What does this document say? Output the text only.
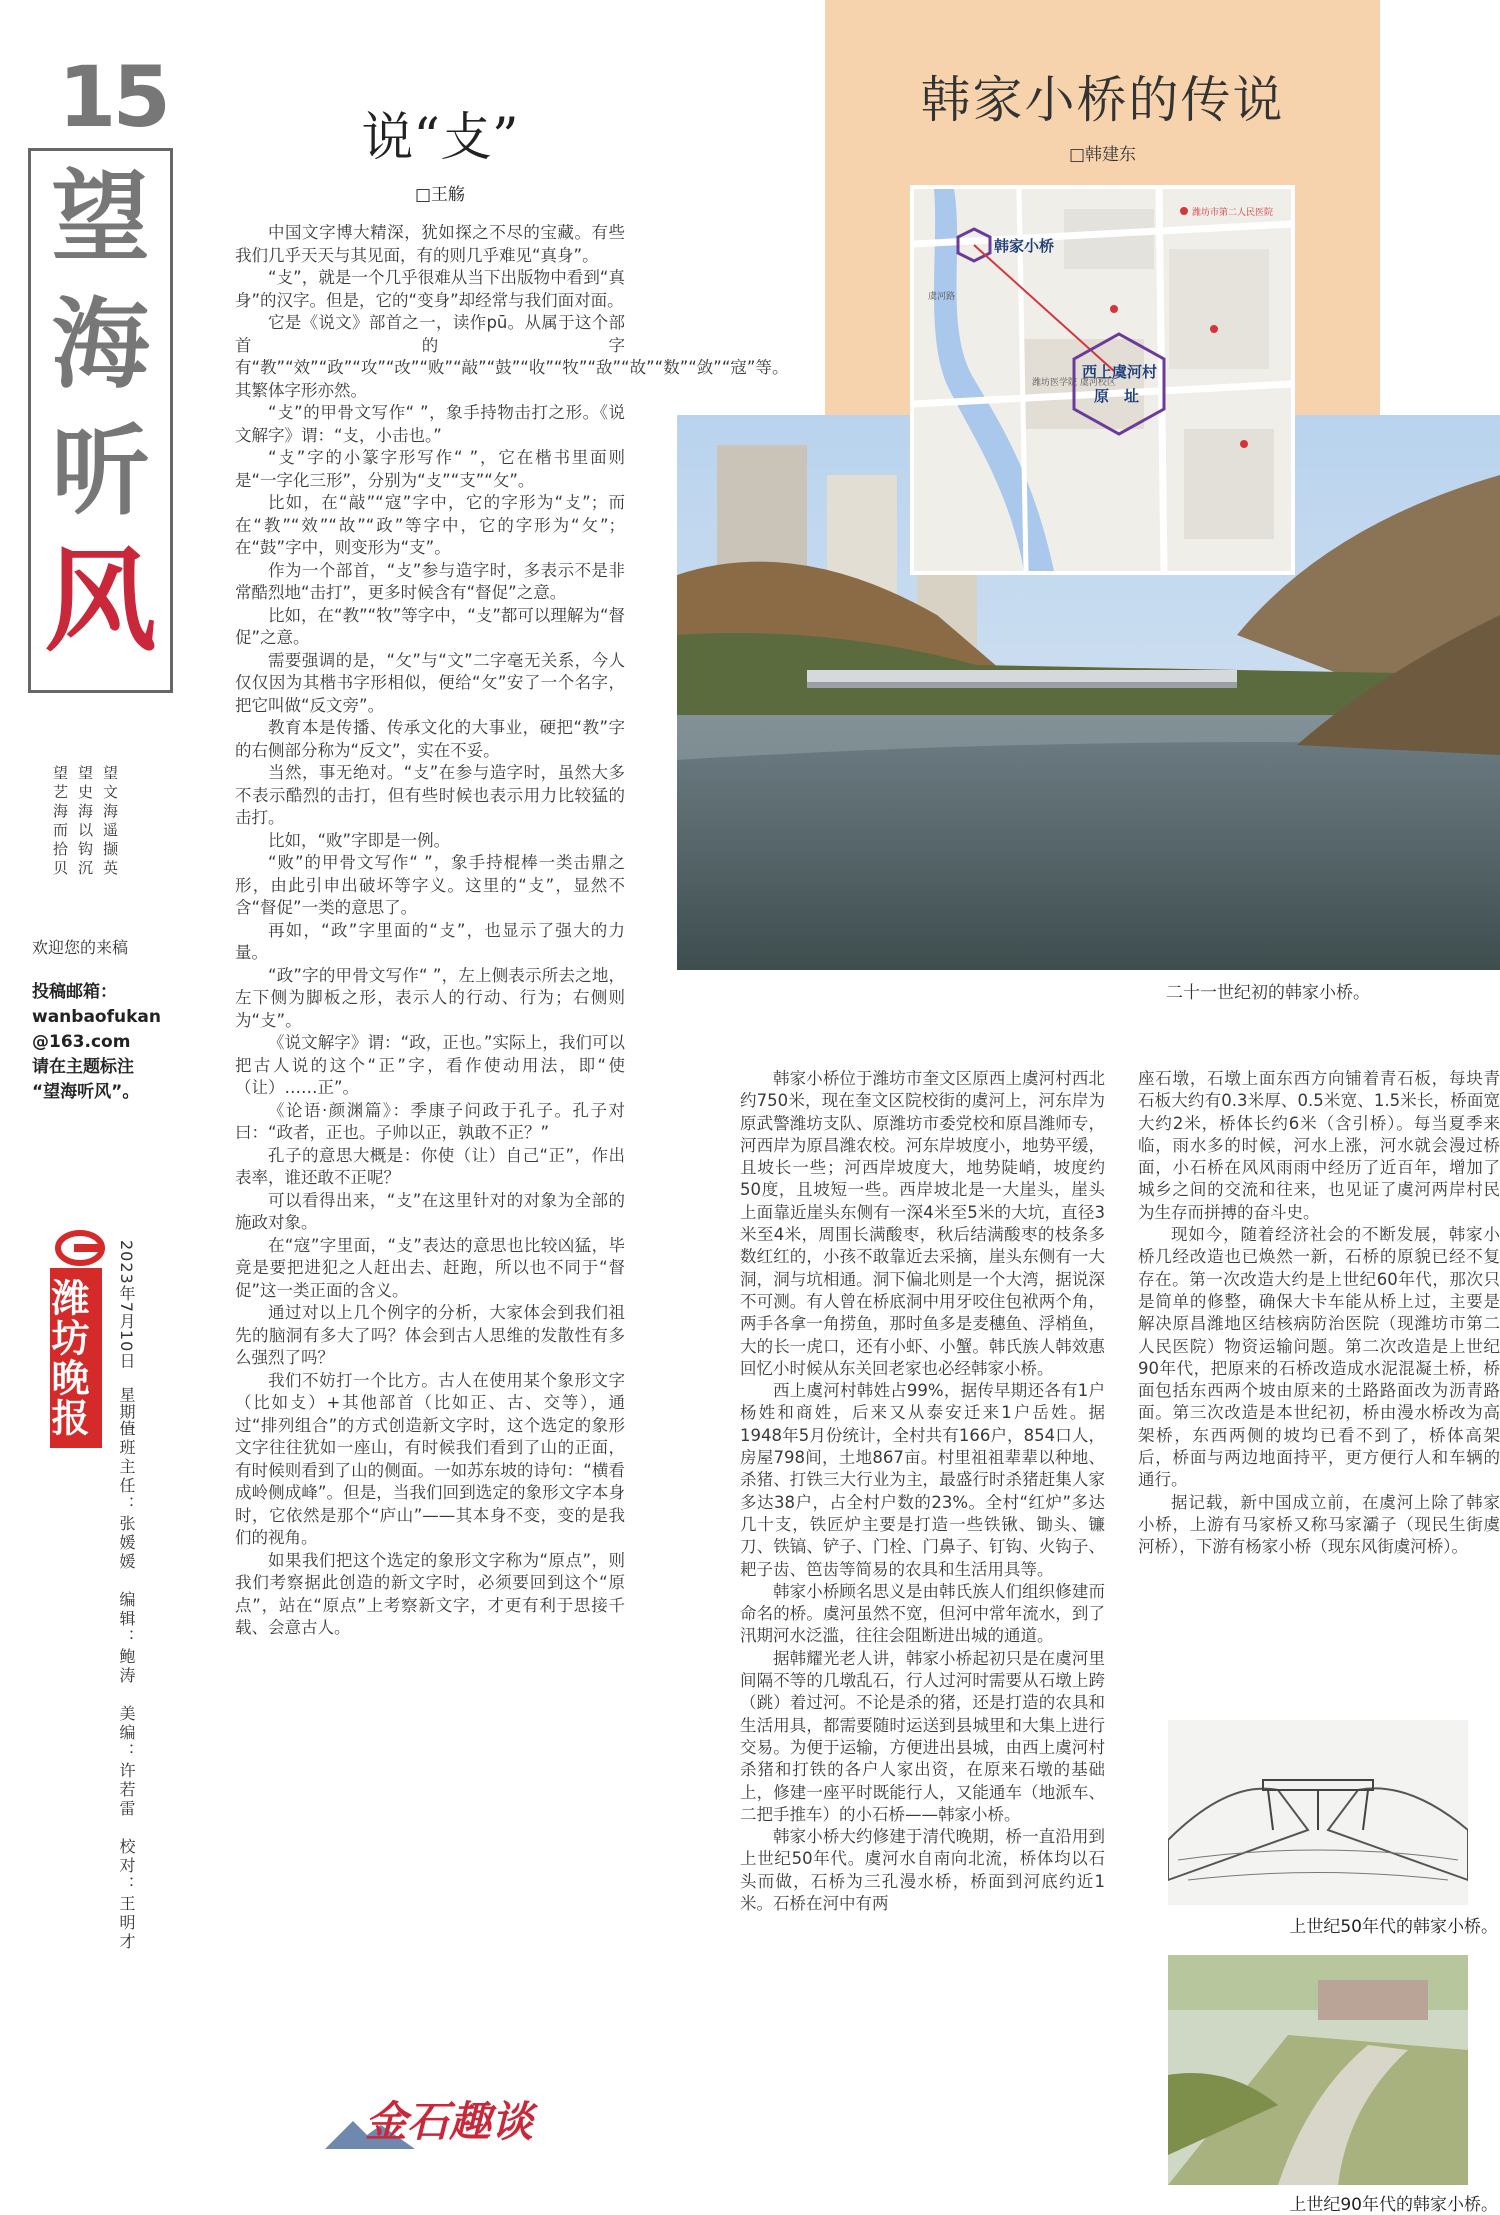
15
望
海
听
风
望文海遥撷英
望史海以钩沉
望艺海而拾贝
欢迎您的来稿
投稿邮箱：
wanbaofukan
@163.com
请在主题标注
“望海听风”。
潍坊晚报	2023年7月10日　星期一
值班主任：张媛媛　编辑：鲍涛　美编：许若雷　校对：王明才
说“攴”
□王觞

中国文字博大精深，犹如探之不尽的宝藏。有些我们几乎天天与其见面，有的则几乎难见“真身”。

“攴”，就是一个几乎很难从当下出版物中看到“真身”的汉字。但是，它的“变身”却经常与我们面对面。

它是《说文》部首之一，读作pū。从属于这个部首的字有“教”“效”“政”“攻”“改”“败”“敲”“鼓”“收”“牧”“敌”“故”“数”“敛”“寇”等。其繁体字形亦然。

“攴”的甲骨文写作“ ”，象手持物击打之形。《说文解字》谓：“攴，小击也。”

“攴”字的小篆字形写作“ ”，它在楷书里面则是“一字化三形”，分别为“攴”“支”“攵”。

比如，在“敲”“寇”字中，它的字形为“攴”；而在“教”“效”“故”“政”等字中，它的字形为“攵”；在“鼓”字中，则变形为“支”。

作为一个部首，“攴”参与造字时，多表示不是非常酷烈地“击打”，更多时候含有“督促”之意。

比如，在“教”“牧”等字中，“攴”都可以理解为“督促”之意。

需要强调的是，“攵”与“文”二字毫无关系，今人仅仅因为其楷书字形相似，便给“攵”安了一个名字，把它叫做“反文旁”。

教育本是传播、传承文化的大事业，硬把“教”字的右侧部分称为“反文”，实在不妥。

当然，事无绝对。“攴”在参与造字时，虽然大多不表示酷烈的击打，但有些时候也表示用力比较猛的击打。

比如，“败”字即是一例。

“败”的甲骨文写作“ ”，象手持棍棒一类击鼎之形，由此引申出破坏等字义。这里的“攴”，显然不含“督促”一类的意思了。

再如，“政”字里面的“攴”，也显示了强大的力量。

“政”字的甲骨文写作“ ”，左上侧表示所去之地，左下侧为脚板之形，表示人的行动、行为；右侧则为“攴”。

《说文解字》谓：“政，正也。”实际上，我们可以把古人说的这个“正”字，看作使动用法，即“使（让）……正”。

《论语·颜渊篇》：季康子问政于孔子。孔子对曰：“政者，正也。子帅以正，孰敢不正？”

孔子的意思大概是：你使（让）自己“正”，作出表率，谁还敢不正呢？

可以看得出来，“攴”在这里针对的对象为全部的施政对象。

在“寇”字里面，“攴”表达的意思也比较凶猛，毕竟是要把进犯之人赶出去、赶跑，所以也不同于“督促”这一类正面的含义。

通过对以上几个例字的分析，大家体会到我们祖先的脑洞有多大了吗？体会到古人思维的发散性有多么强烈了吗？

我们不妨打一个比方。古人在使用某个象形文字（比如攴）+其他部首（比如正、古、交等），通过“排列组合”的方式创造新文字时，这个选定的象形文字往往犹如一座山，有时候我们看到了山的正面，有时候则看到了山的侧面。一如苏东坡的诗句：“横看成岭侧成峰”。但是，当我们回到选定的象形文字本身时，它依然是那个“庐山”——其本身不变，变的是我们的视角。

如果我们把这个选定的象形文字称为“原点”，则我们考察据此创造的新文字时，必须要回到这个“原点”，站在“原点”上考察新文字，才更有利于思接千载、会意古人。

金石趣谈
韩家小桥的传说
□韩建东
韩家小桥
西上虞河村
原　址
潍坊市第二人民医院
潍坊医学院 虞河校区
虞河路
二十一世纪初的韩家小桥。

韩家小桥位于潍坊市奎文区原西上虞河村西北约750米，现在奎文区院校街的虞河上，河东岸为原武警潍坊支队、原潍坊市委党校和原昌潍师专，河西岸为原昌潍农校。河东岸坡度小，地势平缓，且坡长一些；河西岸坡度大，地势陡峭，坡度约50度，且坡短一些。西岸坡北是一大崖头，崖头上面靠近崖头东侧有一深4米至5米的大坑，直径3米至4米，周围长满酸枣，秋后结满酸枣的枝条多数红红的，小孩不敢靠近去采摘，崖头东侧有一大洞，洞与坑相通。洞下偏北则是一个大湾，据说深不可测。有人曾在桥底洞中用牙咬住包袱两个角，两手各拿一角捞鱼，那时鱼多是麦穗鱼、浮梢鱼，大的长一虎口，还有小虾、小蟹。韩氏族人韩效惠回忆小时候从东关回老家也必经韩家小桥。

西上虞河村韩姓占99%，据传早期还各有1户杨姓和商姓，后来又从泰安迁来1户岳姓。据1948年5月份统计，全村共有166户，854口人，房屋798间，土地867亩。村里祖祖辈辈以种地、杀猪、打铁三大行业为主，最盛行时杀猪赶集人家多达38户，占全村户数的23%。全村“红炉”多达几十支，铁匠炉主要是打造一些铁锹、锄头、镰刀、铁镐、铲子、门栓、门鼻子、钉钩、火钩子、耙子齿、笆齿等简易的农具和生活用具等。

韩家小桥顾名思义是由韩氏族人们组织修建而命名的桥。虞河虽然不宽，但河中常年流水，到了汛期河水泛滥，往往会阻断进出城的通道。

据韩耀光老人讲，韩家小桥起初只是在虞河里间隔不等的几墩乱石，行人过河时需要从石墩上跨（跳）着过河。不论是杀的猪，还是打造的农具和生活用具，都需要随时运送到县城里和大集上进行交易。为便于运输，方便进出县城，由西上虞河村杀猪和打铁的各户人家出资，在原来石墩的基础上，修建一座平时既能行人，又能通车（地派车、二把手推车）的小石桥——韩家小桥。

韩家小桥大约修建于清代晚期，桥一直沿用到上世纪50年代。虞河水自南向北流，桥体均以石头而做，石桥为三孔漫水桥，桥面到河底约近1米。石桥在河中有两

座石墩，石墩上面东西方向铺着青石板，每块青石板大约有0.3米厚、0.5米宽、1.5米长，桥面宽大约2米，桥体长约6米（含引桥）。每当夏季来临，雨水多的时候，河水上涨，河水就会漫过桥面，小石桥在风风雨雨中经历了近百年，增加了城乡之间的交流和往来，也见证了虞河两岸村民为生存而拼搏的奋斗史。

现如今，随着经济社会的不断发展，韩家小桥几经改造也已焕然一新，石桥的原貌已经不复存在。第一次改造大约是上世纪60年代，那次只是简单的修整，确保大卡车能从桥上过，主要是解决原昌潍地区结核病防治医院（现潍坊市第二人民医院）物资运输问题。第二次改造是上世纪90年代，把原来的石桥改造成水泥混凝土桥，桥面包括东西两个坡由原来的土路路面改为沥青路面。第三次改造是本世纪初，桥由漫水桥改为高架桥，东西两侧的坡均已看不到了，桥体高架后，桥面与两边地面持平，更方便行人和车辆的通行。

据记载，新中国成立前，在虞河上除了韩家小桥，上游有马家桥又称马家灞子（现民生街虞河桥），下游有杨家小桥（现东风街虞河桥）。

上世纪50年代的韩家小桥。
上世纪90年代的韩家小桥。
